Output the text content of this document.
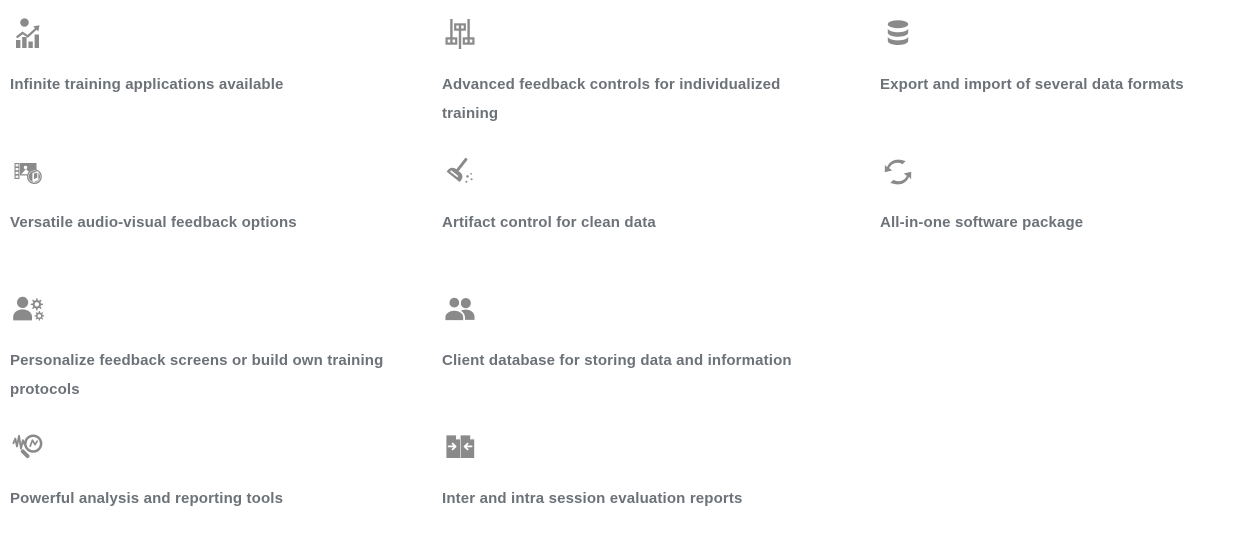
Infinite training applications available	Advanced feedback controls for individualized training
Export and import of several data formats
Versatile audio-visual feedback options	Artifact control for clean data	All-in-one software package
Personalize feedback screens or build own training protocols
Client database for storing data and information
Powerful analysis and reporting tools	Inter and intra session evaluation reports
